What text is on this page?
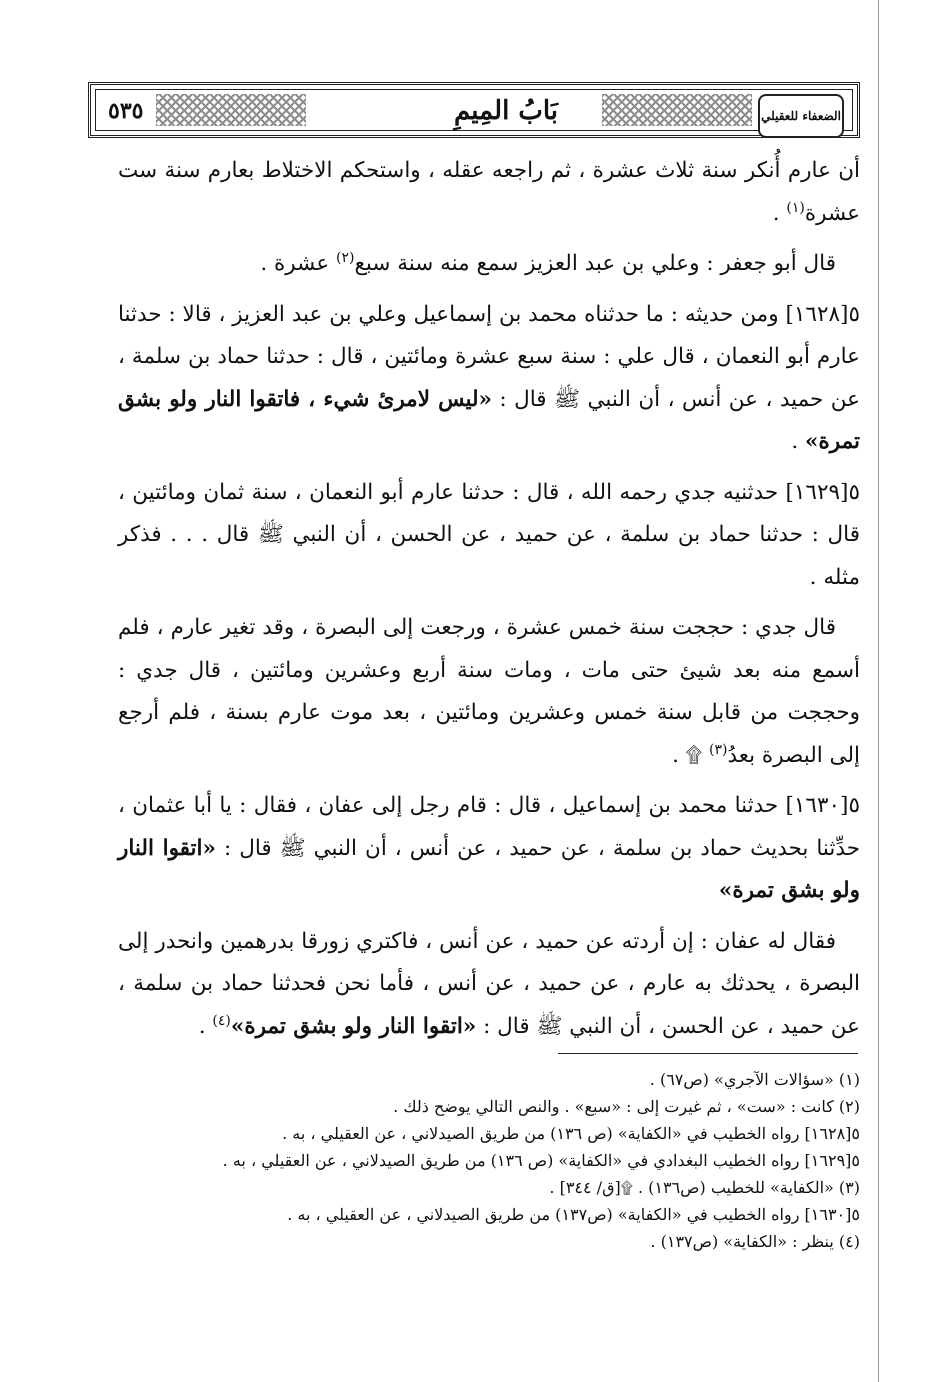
٥٣٥	بَابُ المِيمِ	الضعفاء للعقيلي

أن عارم أُنكر سنة ثلاث عشرة ، ثم راجعه عقله ، واستحكم الاختلاط بعارم سنة ست عشرة$^{(١)}$ .

قال أبو جعفر : وعلي بن عبد العزيز سمع منه سنة سبع$^{(٢)}$ عشرة .

٥[١٦٢٨] ومن حديثه : ما حدثناه محمد بن إسماعيل وعلي بن عبد العزيز ، قالا : حدثنا عارم أبو النعمان ، قال علي : سنة سبع عشرة ومائتين ، قال : حدثنا حماد بن سلمة ، عن حميد ، عن أنس ، أن النبي ﷺ قال : «ليس لامرئ شيء ، فاتقوا النار ولو بشق تمرة» .

٥[١٦٢٩] حدثنيه جدي رحمه الله ، قال : حدثنا عارم أبو النعمان ، سنة ثمان ومائتين ، قال : حدثنا حماد بن سلمة ، عن حميد ، عن الحسن ، أن النبي ﷺ قال . . . فذكر مثله .

قال جدي : حججت سنة خمس عشرة ، ورجعت إلى البصرة ، وقد تغير عارم ، فلم أسمع منه بعد شيئ حتى مات ، ومات سنة أربع وعشرين ومائتين ، قال جدي : وحججت من قابل سنة خمس وعشرين ومائتين ، بعد موت عارم بسنة ، فلم أرجع إلى البصرة بعدُ$^{(٣)}$ ۩ .

٥[١٦٣٠] حدثنا محمد بن إسماعيل ، قال : قام رجل إلى عفان ، فقال : يا أبا عثمان ، حدِّثنا بحديث حماد بن سلمة ، عن حميد ، عن أنس ، أن النبي ﷺ قال : «اتقوا النار ولو بشق تمرة»

فقال له عفان : إن أردته عن حميد ، عن أنس ، فاكتري زورقا بدرهمين وانحدر إلى البصرة ، يحدثك به عارم ، عن حميد ، عن أنس ، فأما نحن فحدثنا حماد بن سلمة ، عن حميد ، عن الحسن ، أن النبي ﷺ قال : «اتقوا النار ولو بشق تمرة»$^{(٤)}$ .

(١) «سؤالات الآجري» (ص٦٧) .

(٢) كانت : «ست» ، ثم غيرت إلى : «سبع» . والنص التالي يوضح ذلك .

٥[١٦٢٨] رواه الخطيب في «الكفاية» (ص ١٣٦) من طريق الصيدلاني ، عن العقيلي ، به .

٥[١٦٢٩] رواه الخطيب البغدادي في «الكفاية» (ص ١٣٦) من طريق الصيدلاني ، عن العقيلي ، به .

(٣) «الكفاية» للخطيب (ص١٣٦) . ۩[ق/ ٣٤٤] .

٥[١٦٣٠] رواه الخطيب في «الكفاية» (ص١٣٧) من طريق الصيدلاني ، عن العقيلي ، به .

(٤) ينظر : «الكفاية» (ص١٣٧) .
